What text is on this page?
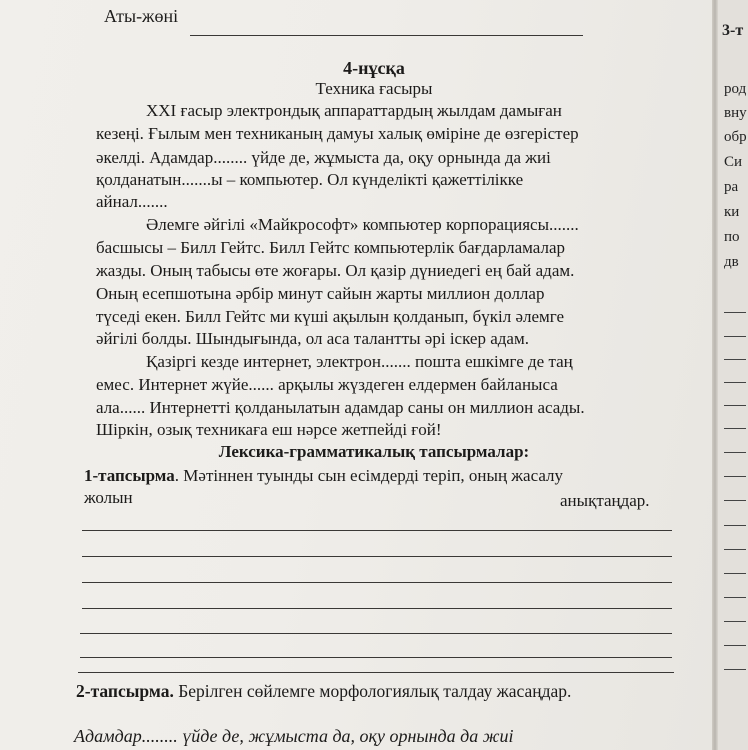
Аты-жөні
4-нұсқа
Техника ғасыры
XXI ғасыр электрондық аппараттардың жылдам дамыған
кезеңі. Ғылым мен техниканың дамуы халық өміріне де өзгерістер
әкелді. Адамдар........ үйде де, жұмыста да, оқу орнында да жиі
қолданатын.......ы – компьютер. Ол күнделікті қажеттілікке
айнал.......
Әлемге әйгілі «Майкрософт» компьютер корпорациясы.......
басшысы – Билл Гейтс. Билл Гейтс компьютерлік бағдарламалар
жазды. Оның табысы өте жоғары. Ол қазір дүниедегі ең бай адам.
Оның есепшотына әрбір минут сайын жарты миллион доллар
түседі екен. Билл Гейтс ми күші ақылын қолданып, бүкіл әлемге
әйгілі болды. Шындығында, ол аса талантты әрі іскер адам.
Қазіргі кезде интернет, электрон....... пошта ешкімге де таң
емес. Интернет жүйе...... арқылы жүздеген елдермен байланыса
ала...... Интернетті қолданылатын адамдар саны он миллион асады.
Шіркін, озық техникаға еш нәрсе жетпейді ғой!
Лексика-грамматикалық тапсырмалар:
1-тапсырма. Мәтіннен туынды сын есімдерді теріп, оның жасалу
жолын	анықтаңдар.
2-тапсырма. Берілген сөйлемге морфологиялық талдау жасаңдар.
Адамдар........ үйде де, жұмыста да, оқу орнында да жиі
3-т
род
вну
обр
Си
ра
ки
по
дв
